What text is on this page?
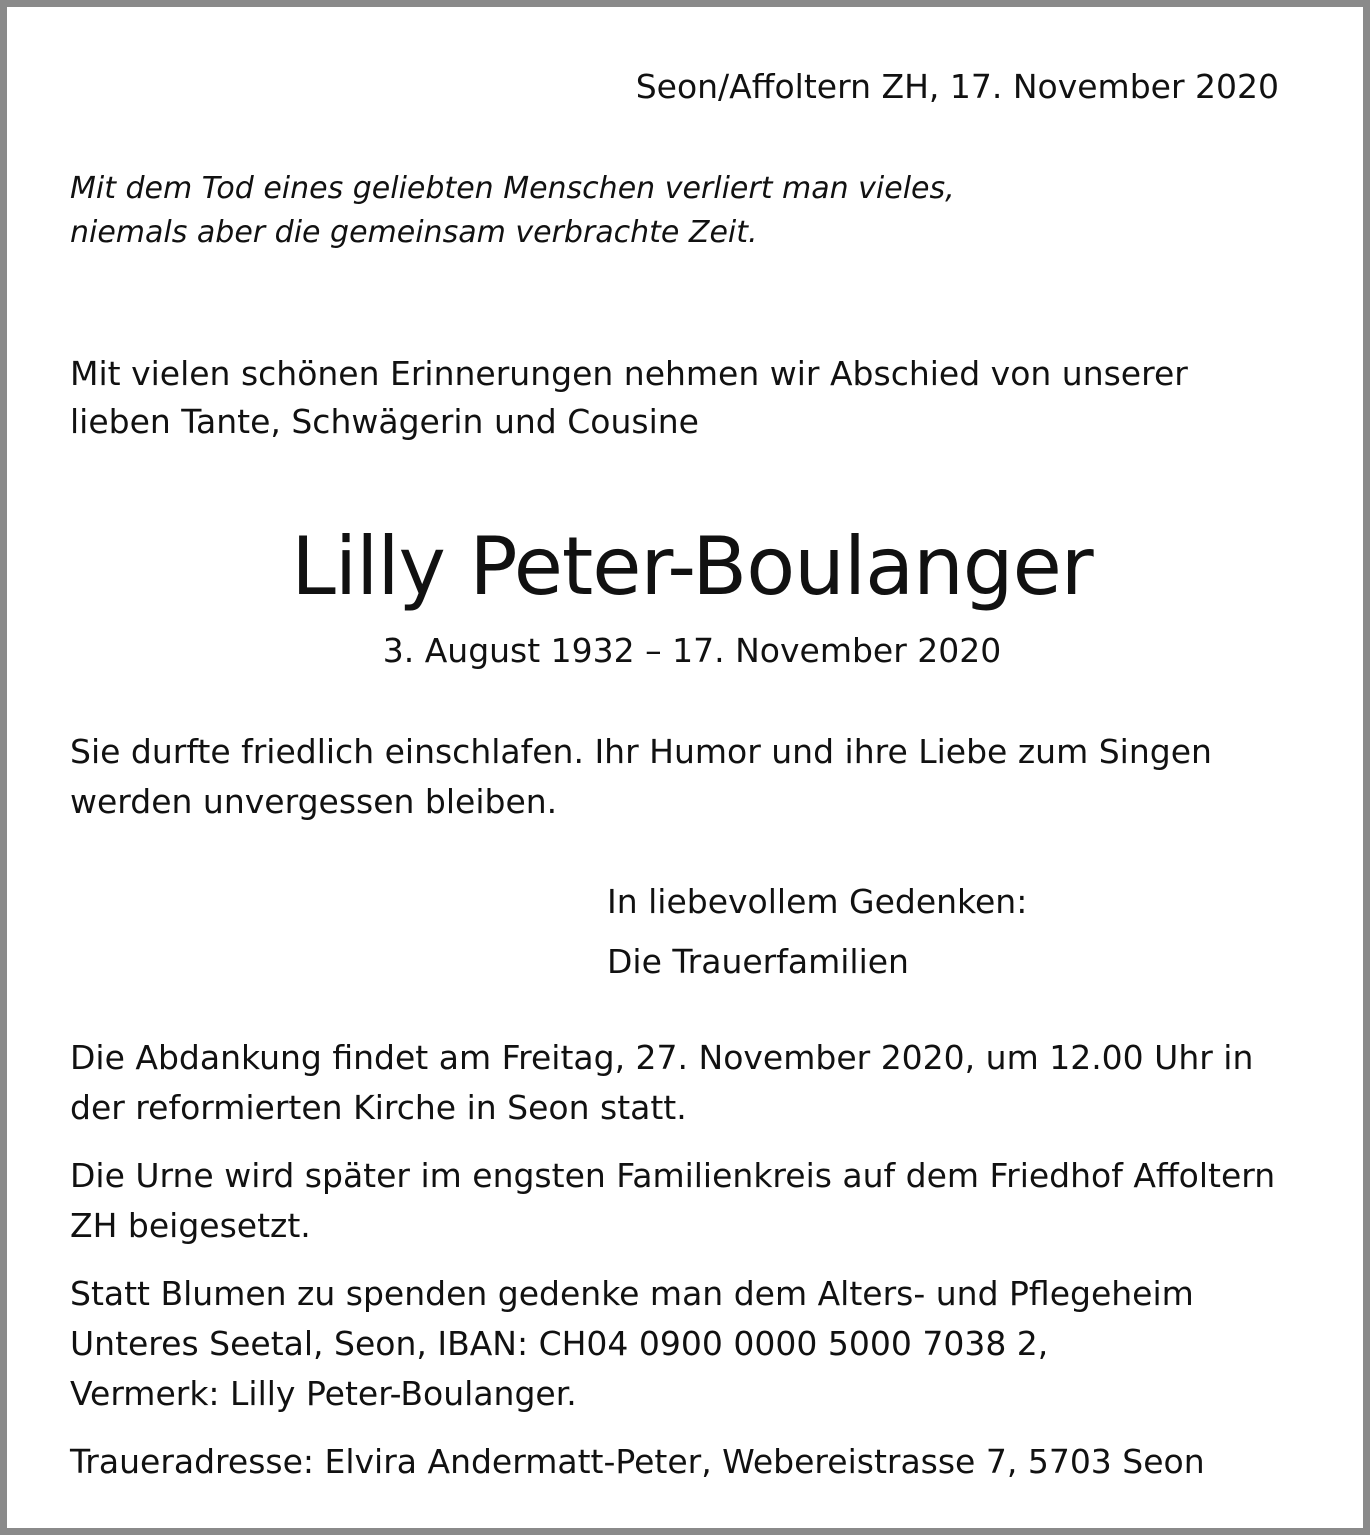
Seon/Affoltern ZH, 17. November 2020
Mit dem Tod eines geliebten Menschen verliert man vieles,
niemals aber die gemeinsam verbrachte Zeit.
Mit vielen schönen Erinnerungen nehmen wir Abschied von unserer
lieben Tante, Schwägerin und Cousine
Lilly Peter-Boulanger
3. August 1932 – 17. November 2020
Sie durfte friedlich einschlafen. Ihr Humor und ihre Liebe zum Singen
werden unvergessen bleiben.
In liebevollem Gedenken:
Die Trauerfamilien
Die Abdankung findet am Freitag, 27. November 2020, um 12.00 Uhr in
der reformierten Kirche in Seon statt.
Die Urne wird später im engsten Familienkreis auf dem Friedhof Affoltern
ZH beigesetzt.
Statt Blumen zu spenden gedenke man dem Alters- und Pflegeheim
Unteres Seetal, Seon, IBAN: CH04 0900 0000 5000 7038 2,
Vermerk: Lilly Peter-Boulanger.
Traueradresse: Elvira Andermatt-Peter, Webereistrasse 7, 5703 Seon
